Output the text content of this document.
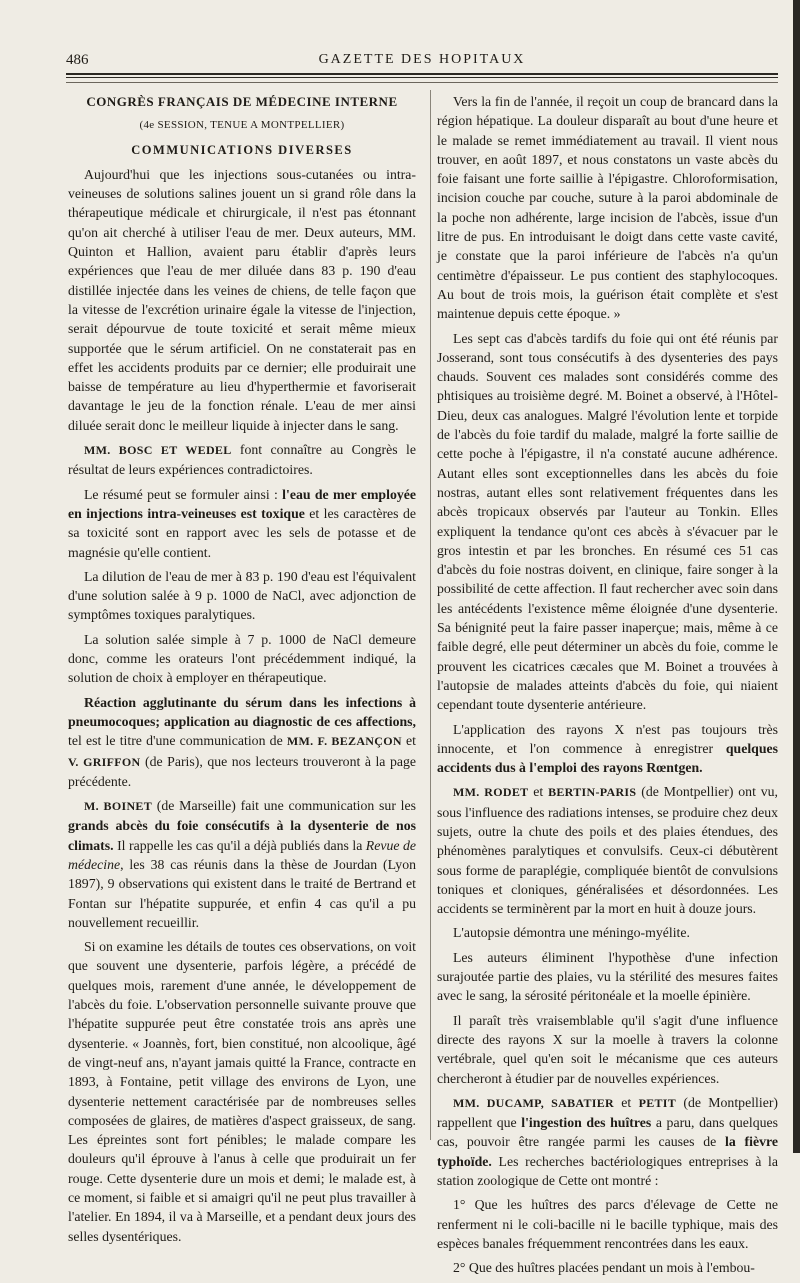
486	GAZETTE DES HOPITAUX

CONGRÈS FRANÇAIS DE MÉDECINE INTERNE

(4e SESSION, TENUE A MONTPELLIER)

COMMUNICATIONS DIVERSES

Aujourd'hui que les injections sous-cutanées ou intra-veineuses de solutions salines jouent un si grand rôle dans la thérapeutique médicale et chirurgicale, il n'est pas étonnant qu'on ait cherché à utiliser l'eau de mer. Deux auteurs, MM. Quinton et Hallion, avaient paru établir d'après leurs expériences que l'eau de mer diluée dans 83 p. 190 d'eau distillée injectée dans les veines de chiens, de telle façon que la vitesse de l'excrétion urinaire égale la vitesse de l'injection, serait dépourvue de toute toxicité et serait même mieux supportée que le sérum artificiel. On ne constaterait pas en effet les accidents produits par ce dernier; elle produirait une baisse de température au lieu d'hyperthermie et favoriserait davantage le jeu de la fonction rénale. L'eau de mer ainsi diluée serait donc le meilleur liquide à injecter dans le sang.

MM. BOSC ET WEDEL font connaître au Congrès le résultat de leurs expériences contradictoires.

Le résumé peut se formuler ainsi : l'eau de mer employée en injections intra-veineuses est toxique et les caractères de sa toxicité sont en rapport avec les sels de potasse et de magnésie qu'elle contient.

La dilution de l'eau de mer à 83 p. 190 d'eau est l'équivalent d'une solution salée à 9 p. 1000 de NaCl, avec adjonction de symptômes toxiques paralytiques.

La solution salée simple à 7 p. 1000 de NaCl demeure donc, comme les orateurs l'ont précédemment indiqué, la solution de choix à employer en thérapeutique.

Réaction agglutinante du sérum dans les infections à pneumocoques; application au diagnostic de ces affections, tel est le titre d'une communication de MM. F. BEZANÇON et V. GRIFFON (de Paris), que nos lecteurs trouveront à la page précédente.

M. BOINET (de Marseille) fait une communication sur les grands abcès du foie consécutifs à la dysenterie de nos climats. Il rappelle les cas qu'il a déjà publiés dans la Revue de médecine, les 38 cas réunis dans la thèse de Jourdan (Lyon 1897), 9 observations qui existent dans le traité de Bertrand et Fontan sur l'hépatite suppurée, et enfin 4 cas qu'il a pu nouvellement recueillir.

Si on examine les détails de toutes ces observations, on voit que souvent une dysenterie, parfois légère, a précédé de quelques mois, rarement d'une année, le développement de l'abcès du foie. L'observation personnelle suivante prouve que l'hépatite suppurée peut être constatée trois ans après une dysenterie. « Joannès, fort, bien constitué, non alcoolique, âgé de vingt-neuf ans, n'ayant jamais quitté la France, contracte en 1893, à Fontaine, petit village des environs de Lyon, une dysenterie nettement caractérisée par de nombreuses selles composées de glaires, de matières d'aspect graisseux, de sang. Les épreintes sont fort pénibles; le malade compare les douleurs qu'il éprouve à l'anus à celle que produirait un fer rouge. Cette dysenterie dure un mois et demi; le malade est, à ce moment, si faible et si amaigri qu'il ne peut plus travailler à l'atelier. En 1894, il va à Marseille, et a pendant deux jours des selles dysentériques.

Vers la fin de l'année, il reçoit un coup de brancard dans la région hépatique. La douleur disparaît au bout d'une heure et le malade se remet immédiatement au travail. Il vient nous trouver, en août 1897, et nous constatons un vaste abcès du foie faisant une forte saillie à l'épigastre. Chloroformisation, incision couche par couche, suture à la paroi abdominale de la poche non adhérente, large incision de l'abcès, issue d'un litre de pus. En introduisant le doigt dans cette vaste cavité, je constate que la paroi inférieure de l'abcès n'a qu'un centimètre d'épaisseur. Le pus contient des staphylocoques. Au bout de trois mois, la guérison était complète et s'est maintenue depuis cette époque. »

Les sept cas d'abcès tardifs du foie qui ont été réunis par Josserand, sont tous consécutifs à des dysenteries des pays chauds. Souvent ces malades sont considérés comme des phtisiques au troisième degré. M. Boinet a observé, à l'Hôtel-Dieu, deux cas analogues. Malgré l'évolution lente et torpide de l'abcès du foie tardif du malade, malgré la forte saillie de cette poche à l'épigastre, il n'a constaté aucune adhérence. Autant elles sont exceptionnelles dans les abcès du foie nostras, autant elles sont relativement fréquentes dans les abcès tropicaux observés par l'auteur au Tonkin. Elles expliquent la tendance qu'ont ces abcès à s'évacuer par le gros intestin et par les bronches. En résumé ces 51 cas d'abcès du foie nostras doivent, en clinique, faire songer à la possibilité de cette affection. Il faut rechercher avec soin dans les antécédents l'existence même éloignée d'une dysenterie. Sa bénignité peut la faire passer inaperçue; mais, même à ce faible degré, elle peut déterminer un abcès du foie, comme le prouvent les cicatrices cæcales que M. Boinet a trouvées à l'autopsie de malades atteints d'abcès du foie, qui niaient cependant toute dysenterie antérieure.

L'application des rayons X n'est pas toujours très innocente, et l'on commence à enregistrer quelques accidents dus à l'emploi des rayons Rœntgen.

MM. RODET et BERTIN-PARIS (de Montpellier) ont vu, sous l'influence des radiations intenses, se produire chez deux sujets, outre la chute des poils et des plaies étendues, des phénomènes paralytiques et convulsifs. Ceux-ci débutèrent sous forme de paraplégie, compliquée bientôt de convulsions toniques et cloniques, généralisées et désordonnées. Les accidents se terminèrent par la mort en huit à douze jours.

L'autopsie démontra une méningo-myélite.

Les auteurs éliminent l'hypothèse d'une infection surajoutée partie des plaies, vu la stérilité des mesures faites avec le sang, la sérosité péritonéale et la moelle épinière.

Il paraît très vraisemblable qu'il s'agit d'une influence directe des rayons X sur la moelle à travers la colonne vertébrale, quel qu'en soit le mécanisme que ces auteurs chercheront à étudier par de nouvelles expériences.

MM. DUCAMP, SABATIER et PETIT (de Montpellier) rappellent que l'ingestion des huîtres a paru, dans quelques cas, pouvoir être rangée parmi les causes de la fièvre typhoïde. Les recherches bactériologiques entreprises à la station zoologique de Cette ont montré :

1° Que les huîtres des parcs d'élevage de Cette ne renferment ni le coli-bacille ni le bacille typhique, mais des espèces banales fréquemment rencontrées dans les eaux.

2° Que des huîtres placées pendant un mois à l'embou-
